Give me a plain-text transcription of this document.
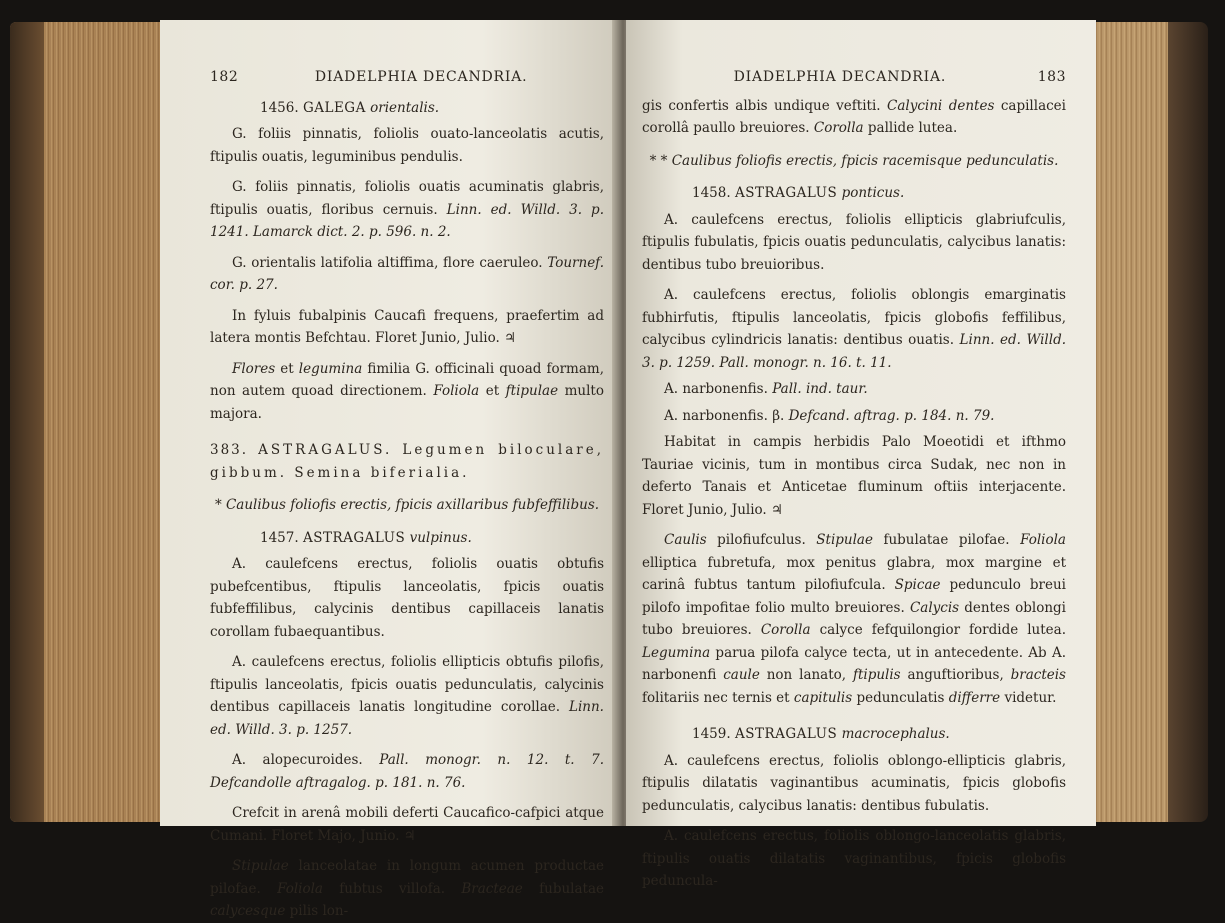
182	DIADELPHIA DECANDRIA.

1456. GALEGA orientalis.

G. foliis pinnatis, foliolis ouato-lanceolatis acutis, ftipulis ouatis, leguminibus pendulis.

G. foliis pinnatis, foliolis ouatis acuminatis glabris, ftipulis ouatis, floribus cernuis. Linn. ed. Willd. 3. p. 1241. Lamarck dict. 2. p. 596. n. 2.

G. orientalis latifolia altiffima, flore caeruleo. Tournef. cor. p. 27.

In fyluis fubalpinis Caucafi frequens, praefertim ad latera montis Befchtau. Floret Junio, Julio. ♃

Flores et legumina fimilia G. officinali quoad formam, non autem quoad directionem. Foliola et ftipulae multo majora.

383. ASTRAGALUS. Legumen biloculare, gibbum. Semina biferialia.

* Caulibus foliofis erectis, fpicis axillaribus fubfeffilibus.

1457. ASTRAGALUS vulpinus.

A. caulefcens erectus, foliolis ouatis obtufis pubefcentibus, ftipulis lanceolatis, fpicis ouatis fubfeffilibus, calycinis dentibus capillaceis lanatis corollam fubaequantibus.

A. caulefcens erectus, foliolis ellipticis obtufis pilofis, ftipulis lanceolatis, fpicis ouatis pedunculatis, calycinis dentibus capillaceis lanatis longitudine corollae. Linn. ed. Willd. 3. p. 1257.

A. alopecuroides. Pall. monogr. n. 12. t. 7. Defcandolle aftragalog. p. 181. n. 76.

Crefcit in arenâ mobili deferti Caucafico-cafpici atque Cumani. Floret Majo, Junio. ♃

Stipulae lanceolatae in longum acumen productae pilofae. Foliola fubtus villofa. Bracteae fubulatae calycesque pilis lon-

DIADELPHIA DECANDRIA.	183

gis confertis albis undique veftiti. Calycini dentes capillacei corollâ paullo breuiores. Corolla pallide lutea.

* * Caulibus foliofis erectis, fpicis racemisque pedunculatis.

1458. ASTRAGALUS ponticus.

A. caulefcens erectus, foliolis ellipticis glabriufculis, ftipulis fubulatis, fpicis ouatis pedunculatis, calycibus lanatis: dentibus tubo breuioribus.

A. caulefcens erectus, foliolis oblongis emarginatis fubhirfutis, ftipulis lanceolatis, fpicis globofis feffilibus, calycibus cylindricis lanatis: dentibus ouatis. Linn. ed. Willd. 3. p. 1259. Pall. monogr. n. 16. t. 11.

A. narbonenfis. Pall. ind. taur.

A. narbonenfis. β. Defcand. aftrag. p. 184. n. 79.

Habitat in campis herbidis Palo Moeotidi et ifthmo Tauriae vicinis, tum in montibus circa Sudak, nec non in deferto Tanais et Anticetae fluminum oftiis interjacente. Floret Junio, Julio. ♃

Caulis pilofiufculus. Stipulae fubulatae pilofae. Foliola elliptica fubretufa, mox penitus glabra, mox margine et carinâ fubtus tantum pilofiufcula. Spicae pedunculo breui pilofo impofitae folio multo breuiores. Calycis dentes oblongi tubo breuiores. Corolla calyce fefquilongior fordide lutea. Legumina parua pilofa calyce tecta, ut in antecedente. Ab A. narbonenfi caule non lanato, ftipulis anguftioribus, bracteis folitariis nec ternis et capitulis pedunculatis differre videtur.

1459. ASTRAGALUS macrocephalus.

A. caulefcens erectus, foliolis oblongo-ellipticis glabris, ftipulis dilatatis vaginantibus acuminatis, fpicis globofis pedunculatis, calycibus lanatis: dentibus fubulatis.

A. caulefcens erectus, foliolis oblongo-lanceolatis glabris, ftipulis ouatis dilatatis vaginantibus, fpicis globofis peduncula-
